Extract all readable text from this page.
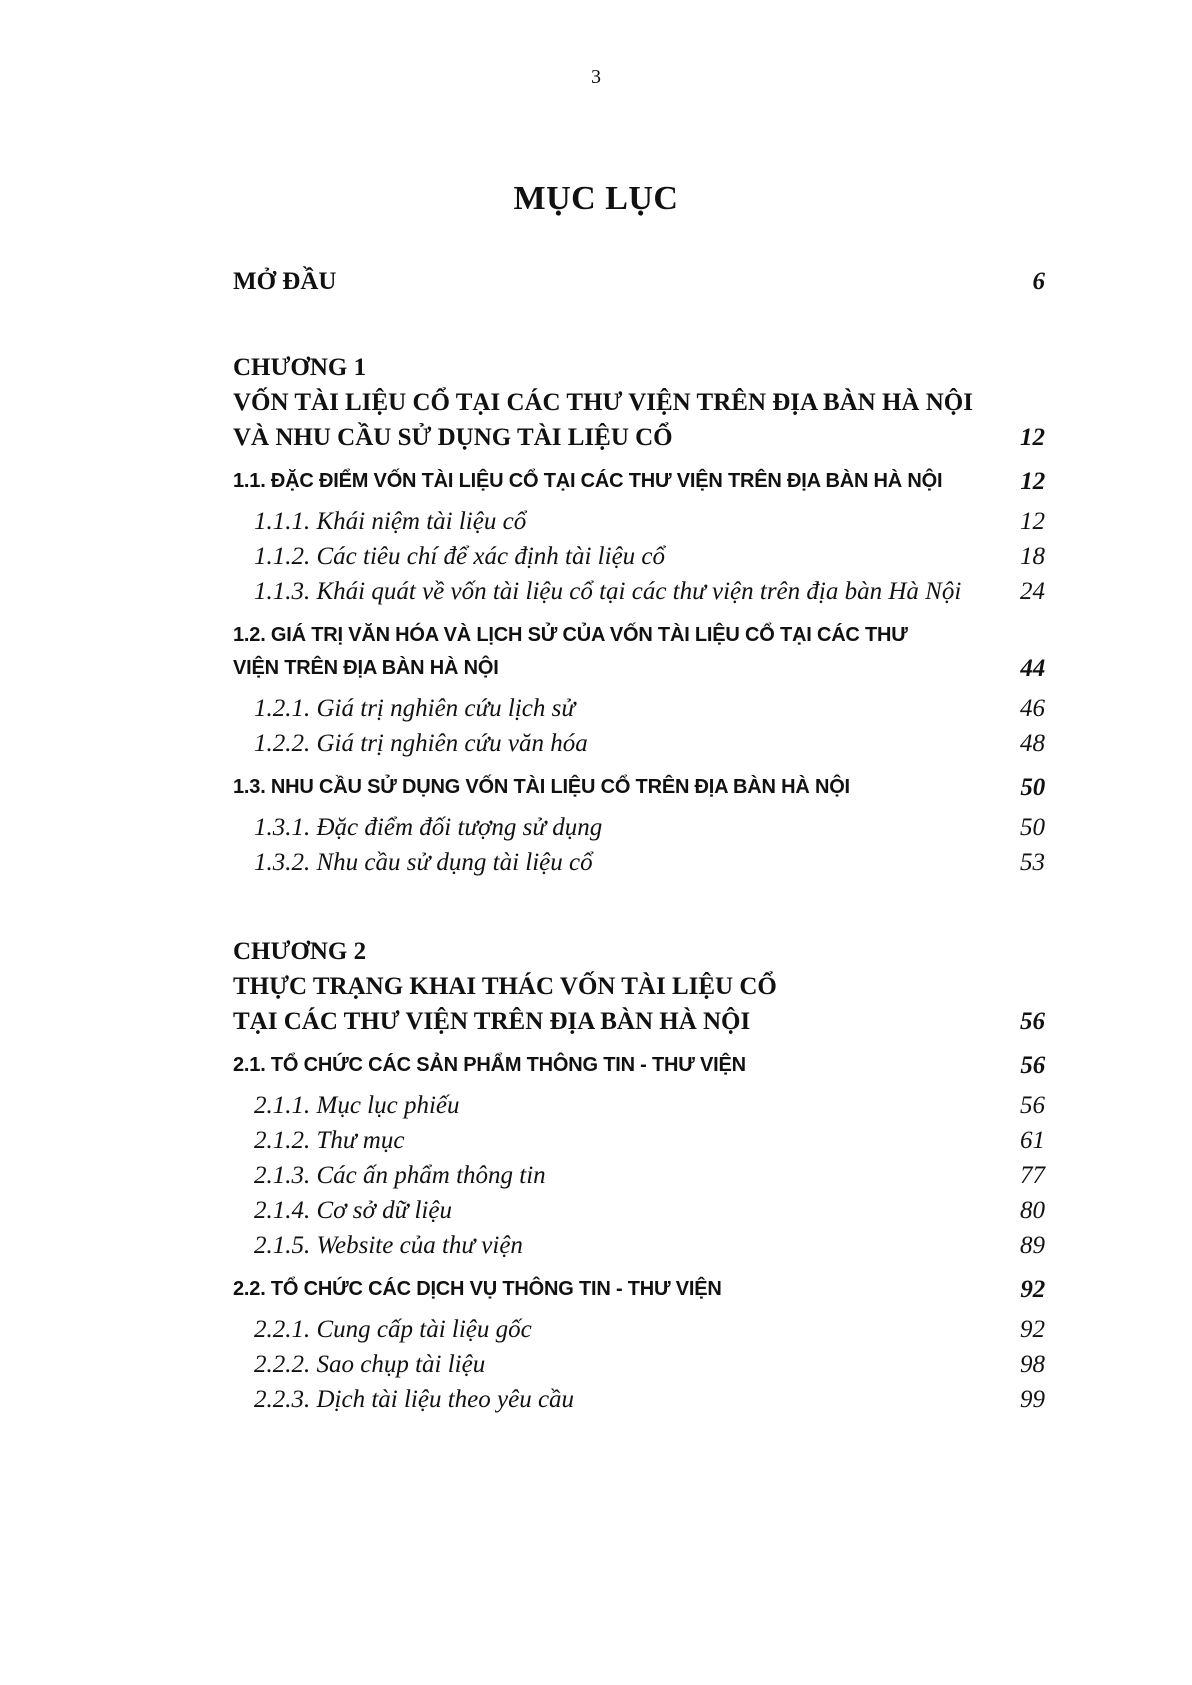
3
MỤC LỤC
MỞ ĐẦU	6
CHƯƠNG 1
VỐN TÀI LIỆU CỔ TẠI CÁC THƯ VIỆN TRÊN ĐỊA BÀN HÀ NỘI
VÀ NHU CẦU SỬ DỤNG TÀI LIỆU CỔ	12
1.1. ĐẶC ĐIỂM VỐN TÀI LIỆU CỔ TẠI CÁC THƯ VIỆN TRÊN ĐỊA BÀN HÀ NỘI	12
1.1.1. Khái niệm tài liệu cổ	12
1.1.2. Các tiêu chí để xác định tài liệu cổ	18
1.1.3. Khái quát về vốn tài liệu cổ tại các thư viện trên địa bàn Hà Nội	24
1.2. GIÁ TRỊ VĂN HÓA VÀ LỊCH SỬ CỦA VỐN TÀI LIỆU CỔ TẠI CÁC THƯ
VIỆN TRÊN ĐỊA BÀN HÀ NỘI	44
1.2.1. Giá trị nghiên cứu lịch sử	46
1.2.2. Giá trị nghiên cứu văn hóa	48
1.3. NHU CẦU SỬ DỤNG VỐN TÀI LIỆU CỔ TRÊN ĐỊA BÀN HÀ NỘI	50
1.3.1. Đặc điểm đối tượng sử dụng	50
1.3.2. Nhu cầu sử dụng tài liệu cổ	53
CHƯƠNG 2
THỰC TRẠNG KHAI THÁC VỐN TÀI LIỆU CỔ
TẠI CÁC THƯ VIỆN TRÊN ĐỊA BÀN HÀ NỘI	56
2.1. TỔ CHỨC CÁC SẢN PHẨM THÔNG TIN - THƯ VIỆN	56
2.1.1. Mục lục phiếu	56
2.1.2. Thư mục	61
2.1.3. Các ấn phẩm thông tin	77
2.1.4. Cơ sở dữ liệu	80
2.1.5. Website của thư viện	89
2.2. TỔ CHỨC CÁC DỊCH VỤ THÔNG TIN - THƯ VIỆN	92
2.2.1. Cung cấp tài liệu gốc	92
2.2.2. Sao chụp tài liệu	98
2.2.3. Dịch tài liệu theo yêu cầu	99
